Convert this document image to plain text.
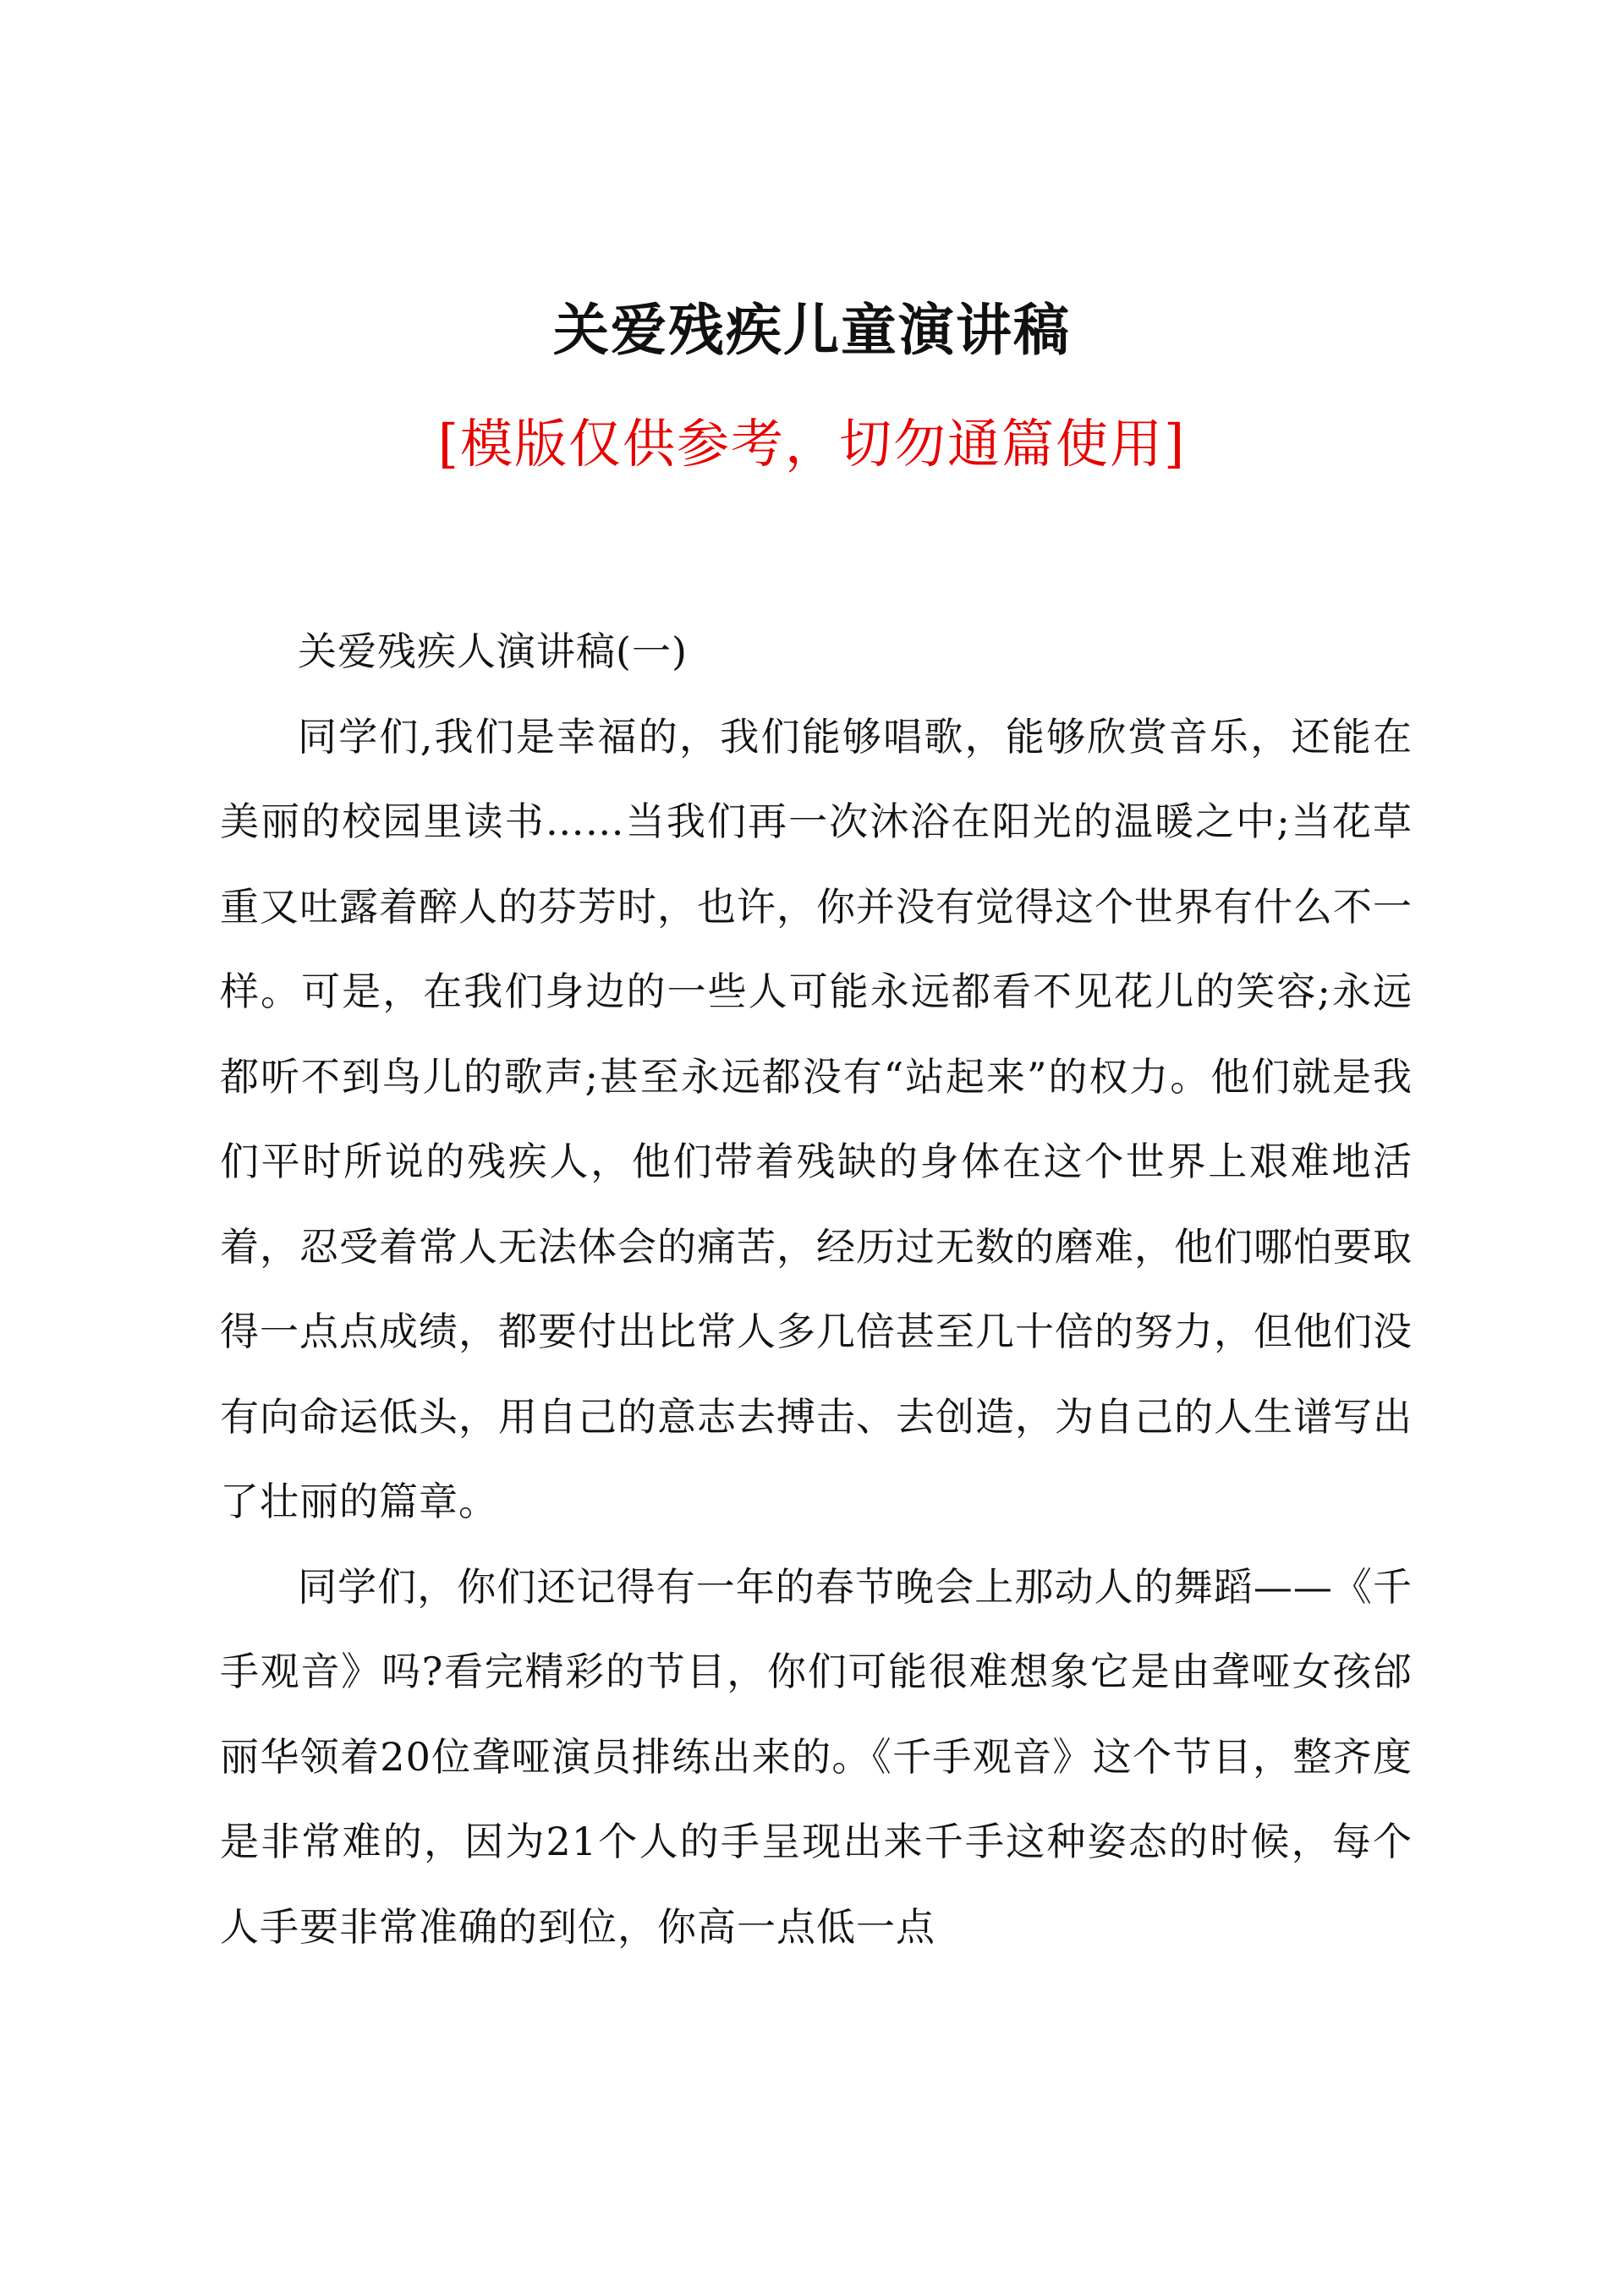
关爱残疾儿童演讲稿
[模版仅供参考，切勿通篇使用]

关爱残疾人演讲稿(一)

同学们,我们是幸福的，我们能够唱歌，能够欣赏音乐，还能在美丽的校园里读书……当我们再一次沐浴在阳光的温暖之中;当花草重又吐露着醉人的芬芳时，也许，你并没有觉得这个世界有什么不一样。可是，在我们身边的一些人可能永远都看不见花儿的笑容;永远都听不到鸟儿的歌声;甚至永远都没有“站起来”的权力。他们就是我们平时所说的残疾人，他们带着残缺的身体在这个世界上艰难地活着，忍受着常人无法体会的痛苦，经历过无数的磨难，他们哪怕要取得一点点成绩，都要付出比常人多几倍甚至几十倍的努力，但他们没有向命运低头，用自己的意志去搏击、去创造，为自己的人生谱写出了壮丽的篇章。

同学们，你们还记得有一年的春节晚会上那动人的舞蹈——《千手观音》吗?看完精彩的节目，你们可能很难想象它是由聋哑女孩邰丽华领着20位聋哑演员排练出来的。《千手观音》这个节目，整齐度是非常难的，因为21个人的手呈现出来千手这种姿态的时候，每个人手要非常准确的到位，你高一点低一点
